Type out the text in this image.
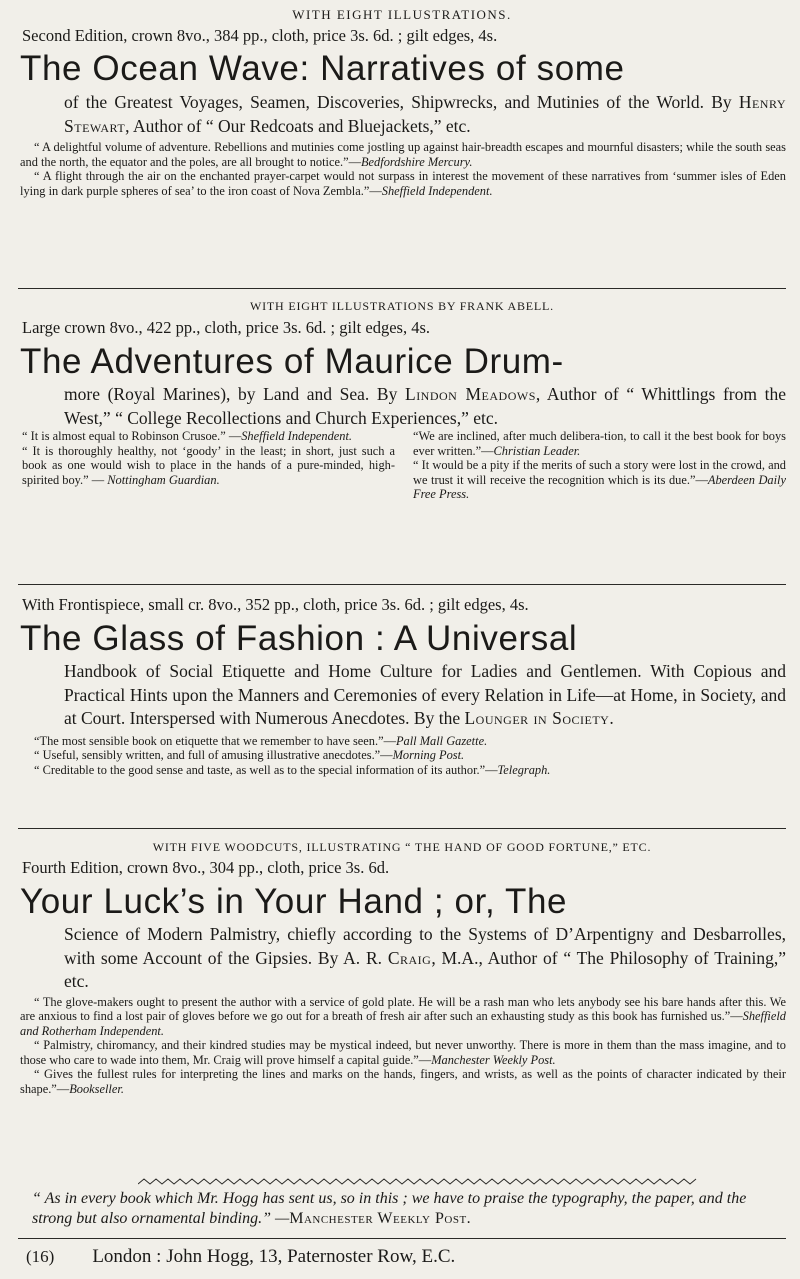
WITH EIGHT ILLUSTRATIONS.
Second Edition, crown 8vo., 384 pp., cloth, price 3s. 6d. ; gilt edges, 4s.
The Ocean Wave: Narratives of some
of the Greatest Voyages, Seamen, Discoveries, Shipwrecks, and Mutinies of the World. By Henry Stewart, Author of “ Our Redcoats and Bluejackets,” etc.

“ A delightful volume of adventure. Rebellions and mutinies come jostling up against hair-breadth escapes and mournful disasters; while the south seas and the north, the equator and the poles, are all brought to notice.”—Bedfordshire Mercury.

“ A flight through the air on the enchanted prayer-carpet would not surpass in interest the movement of these narratives from ‘summer isles of Eden lying in dark purple spheres of sea’ to the iron coast of Nova Zembla.”—Sheffield Independent.

WITH EIGHT ILLUSTRATIONS BY FRANK ABELL.
Large crown 8vo., 422 pp., cloth, price 3s. 6d. ; gilt edges, 4s.
The Adventures of Maurice Drum-
more (Royal Marines), by Land and Sea. By Lindon Meadows, Author of “ Whittlings from the West,” “ College Recollections and Church Experiences,” etc.

“ It is almost equal to Robinson Crusoe.” —Sheffield Independent.

“ It is thoroughly healthy, not ‘goody’ in the least; in short, just such a book as one would wish to place in the hands of a pure-minded, high-spirited boy.” — Nottingham Guardian.

“We are inclined, after much delibera-tion, to call it the best book for boys ever written.”—Christian Leader.

“ It would be a pity if the merits of such a story were lost in the crowd, and we trust it will receive the recognition which is its due.”—Aberdeen Daily Free Press.

With Frontispiece, small cr. 8vo., 352 pp., cloth, price 3s. 6d. ; gilt edges, 4s.
The Glass of Fashion : A Universal
Handbook of Social Etiquette and Home Culture for Ladies and Gentlemen. With Copious and Practical Hints upon the Manners and Ceremonies of every Relation in Life—at Home, in Society, and at Court. Interspersed with Numerous Anecdotes. By the Lounger in Society.

“The most sensible book on etiquette that we remember to have seen.”—Pall Mall Gazette.

“ Useful, sensibly written, and full of amusing illustrative anecdotes.”—Morning Post.

“ Creditable to the good sense and taste, as well as to the special information of its author.”—Telegraph.

WITH FIVE WOODCUTS, ILLUSTRATING “ THE HAND OF GOOD FORTUNE,” ETC.
Fourth Edition, crown 8vo., 304 pp., cloth, price 3s. 6d.
Your Luck’s in Your Hand ; or, The
Science of Modern Palmistry, chiefly according to the Systems of D’Arpentigny and Desbarrolles, with some Account of the Gipsies. By A. R. Craig, M.A., Author of “ The Philosophy of Training,” etc.

“ The glove-makers ought to present the author with a service of gold plate. He will be a rash man who lets anybody see his bare hands after this. We are anxious to find a lost pair of gloves before we go out for a breath of fresh air after such an exhausting study as this book has furnished us.”—Sheffield and Rotherham Independent.

“ Palmistry, chiromancy, and their kindred studies may be mystical indeed, but never unworthy. There is more in them than the mass imagine, and to those who care to wade into them, Mr. Craig will prove himself a capital guide.”—Manchester Weekly Post.

“ Gives the fullest rules for interpreting the lines and marks on the hands, fingers, and wrists, as well as the points of character indicated by their shape.”—Bookseller.

“ As in every book which Mr. Hogg has sent us, so in this ; we have to praise the typography, the paper, and the strong but also ornamental binding.” —Manchester Weekly Post.
(16) London : John Hogg, 13, Paternoster Row, E.C.
